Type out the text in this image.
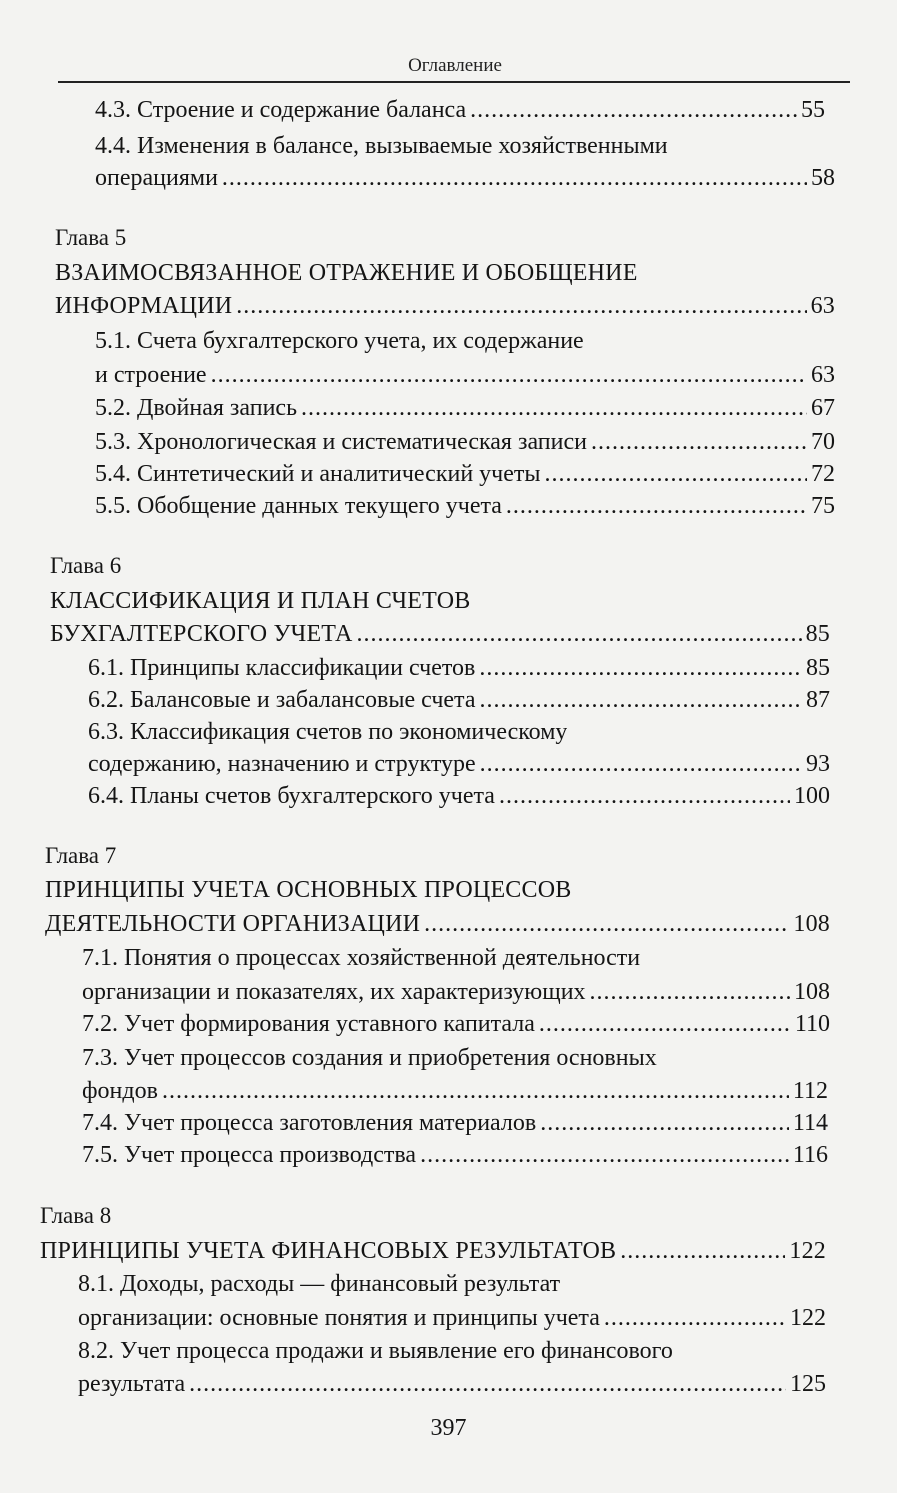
Оглавление
4.3. Строение и содержание баланса .....	55
4.4. Изменения в балансе, вызываемые хозяйственными
операциями .....	58
Глава 5
ВЗАИМОСВЯЗАННОЕ ОТРАЖЕНИЕ И ОБОБЩЕНИЕ
ИНФОРМАЦИИ .....	63
5.1. Счета бухгалтерского учета, их содержание
и строение .....	63
5.2. Двойная запись .....	67
5.3. Хронологическая и систематическая записи .....	70
5.4. Синтетический и аналитический учеты .....	72
5.5. Обобщение данных текущего учета .....	75
Глава 6
КЛАССИФИКАЦИЯ И ПЛАН СЧЕТОВ
БУХГАЛТЕРСКОГО УЧЕТА .....	85
6.1. Принципы классификации счетов .....	85
6.2. Балансовые и забалансовые счета .....	87
6.3. Классификация счетов по экономическому
содержанию, назначению и структуре .....	93
6.4. Планы счетов бухгалтерского учета .....	100
Глава 7
ПРИНЦИПЫ УЧЕТА ОСНОВНЫХ ПРОЦЕССОВ
ДЕЯТЕЛЬНОСТИ ОРГАНИЗАЦИИ .....	108
7.1. Понятия о процессах хозяйственной деятельности
организации и показателях, их характеризующих .....	108
7.2. Учет формирования уставного капитала .....	110
7.3. Учет процессов создания и приобретения основных
фондов .....	112
7.4. Учет процесса заготовления материалов .....	114
7.5. Учет процесса производства .....	116
Глава 8
ПРИНЦИПЫ УЧЕТА ФИНАНСОВЫХ РЕЗУЛЬТАТОВ .....	122
8.1. Доходы, расходы — финансовый результат
организации: основные понятия и принципы учета .....	122
8.2. Учет процесса продажи и выявление его финансового
результата .....	125
397
